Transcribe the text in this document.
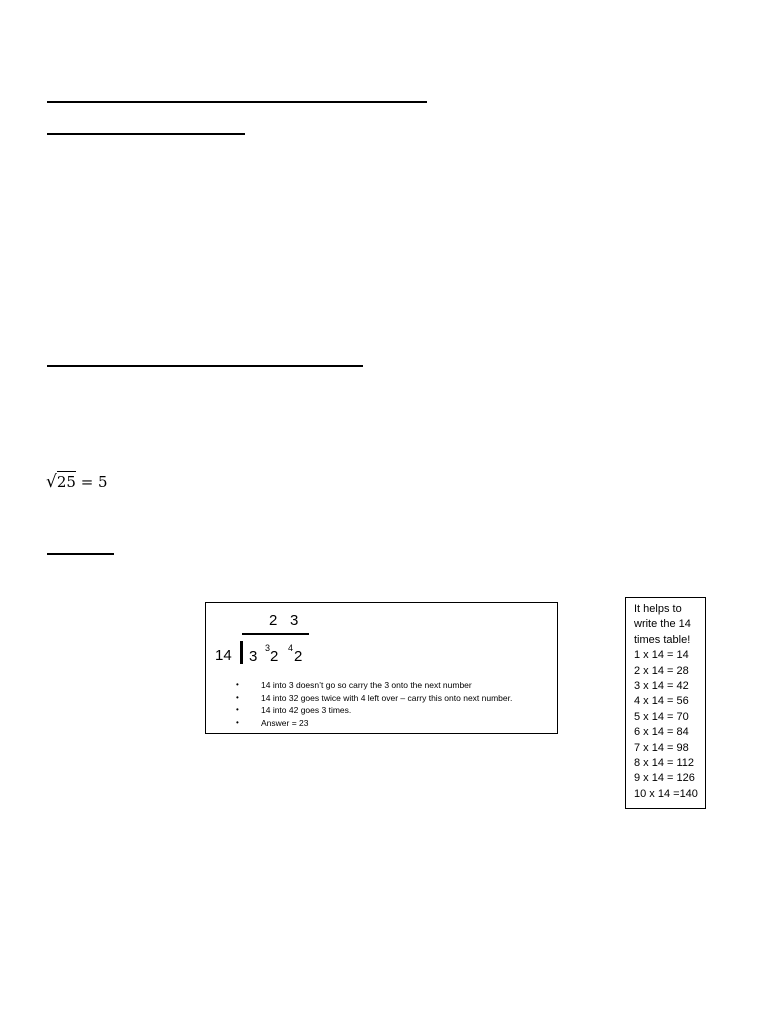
√25 = 5
2 3
14 3 3 2 4 2
•	14 into 3 doesn’t go so carry the 3 onto the next number
•	14 into 32 goes twice with 4 left over – carry this onto next number.
•	14 into 42 goes 3 times.
•	Answer = 23

It helps to write the 14 times table!

1 x 14 = 14
2 x 14 = 28
3 x 14 = 42
4 x 14 = 56
5 x 14 = 70
6 x 14 = 84
7 x 14 = 98
8 x 14 = 112
9 x 14 = 126
10 x 14 =140
